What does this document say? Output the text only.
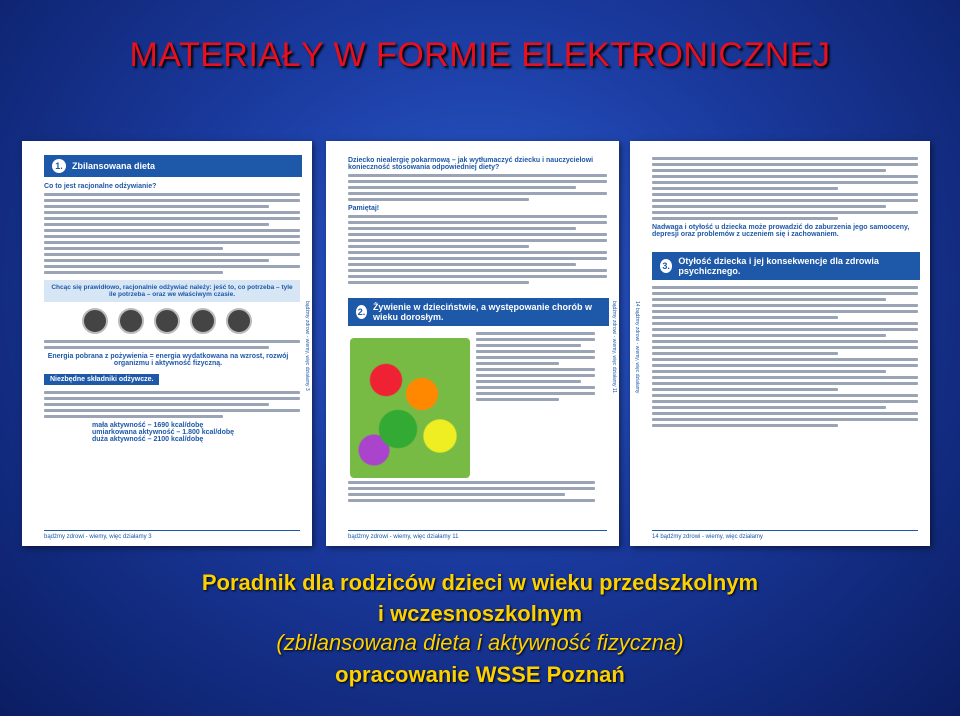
MATERIAŁY W FORMIE ELEKTRONICZNEJ
1.	Zbilansowana dieta
Co to jest racjonalne odżywianie?
Chcąc się prawidłowo, racjonalnie odżywiać należy: jeść to, co potrzeba – tyle ile potrzeba – oraz we właściwym czasie.
Energia pobrana z pożywienia = energia wydatkowana na wzrost, rozwój organizmu i aktywność fizyczną.
Niezbędne składniki odżywcze.
mała aktywność – 1690 kcal/dobę
umiarkowana aktywność – 1.800 kcal/dobę
duża aktywność – 2100 kcal/dobę
bądźmy zdrowi - wiemy, więc działamy 3
bądźmy zdrowi - wiemy, więc działamy 3
Dziecko niealergię pokarmową – jak wytłumaczyć dziecku i nauczycielowi konieczność stosowania odpowiedniej diety?
Pamiętaj!
2. Żywienie w dzieciństwie, a występowanie chorób w wieku dorosłym.	bądźmy zdrowi - wiemy, więc działamy 11
bądźmy zdrowi - wiemy, więc działamy 11
Nadwaga i otyłość u dziecka może prowadzić do zaburzenia jego samooceny, depresji oraz problemów z uczeniem się i zachowaniem.
3. Otyłość dziecka i jej konsekwencje dla zdrowia psychicznego.
14 bądźmy zdrowi - wiemy, więc działamy
14 bądźmy zdrowi - wiemy, więc działamy
Poradnik dla rodziców dzieci w wieku przedszkolnym
i wczesnoszkolnym
(zbilansowana dieta i aktywność fizyczna)
opracowanie WSSE Poznań
